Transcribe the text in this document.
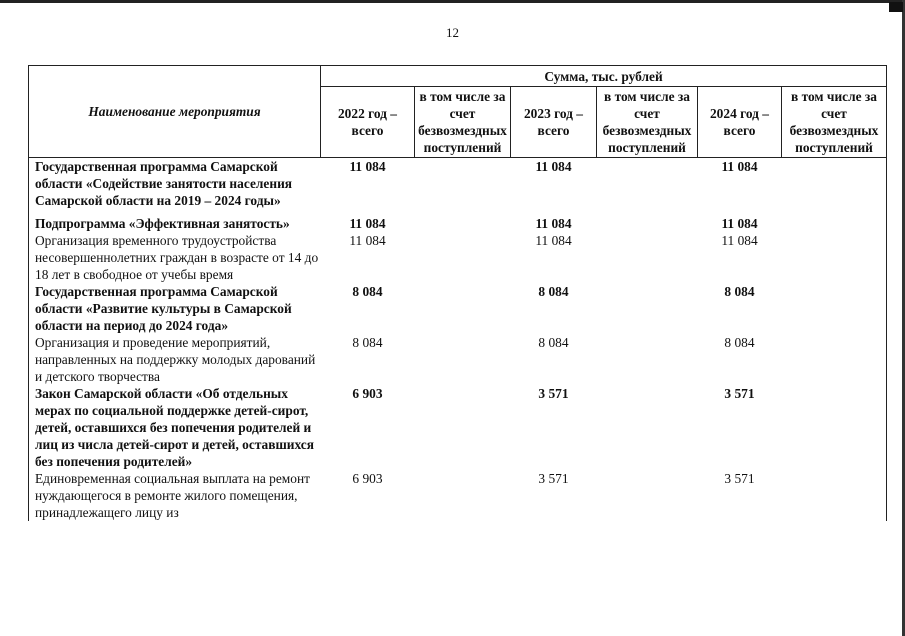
12
Наименование мероприятия	Сумма, тыс. рублей					
	2022 год – всего	в том числе за счет безвозмездных поступлений	2023 год – всего	в том числе за счет безвозмездных поступлений	2024 год – всего	в том числе за счет безвозмездных поступлений
Государственная программа Самарской области «Содействие занятости населения Самарской области на 2019 – 2024 годы»	11 084		11 084		11 084	
Подпрограмма «Эффективная занятость»	11 084		11 084		11 084	
Организация временного трудоустройства несовершеннолетних граждан в возрасте от 14 до 18 лет в свободное от учебы время	11 084		11 084		11 084	
Государственная программа Самарской области «Развитие культуры в Самарской области на период до 2024 года»	8 084		8 084		8 084	
Организация и проведение мероприятий, направленных на поддержку молодых дарований и детского творчества	8 084		8 084		8 084	
Закон Самарской области «Об отдельных мерах по социальной поддержке детей-сирот, детей, оставшихся без попечения родителей и лиц из числа детей-сирот и детей, оставшихся без попечения родителей»	6 903		3 571		3 571	
Единовременная социальная выплата на ремонт нуждающегося в ремонте жилого помещения, принадлежащего лицу из	6 903		3 571		3 571	
